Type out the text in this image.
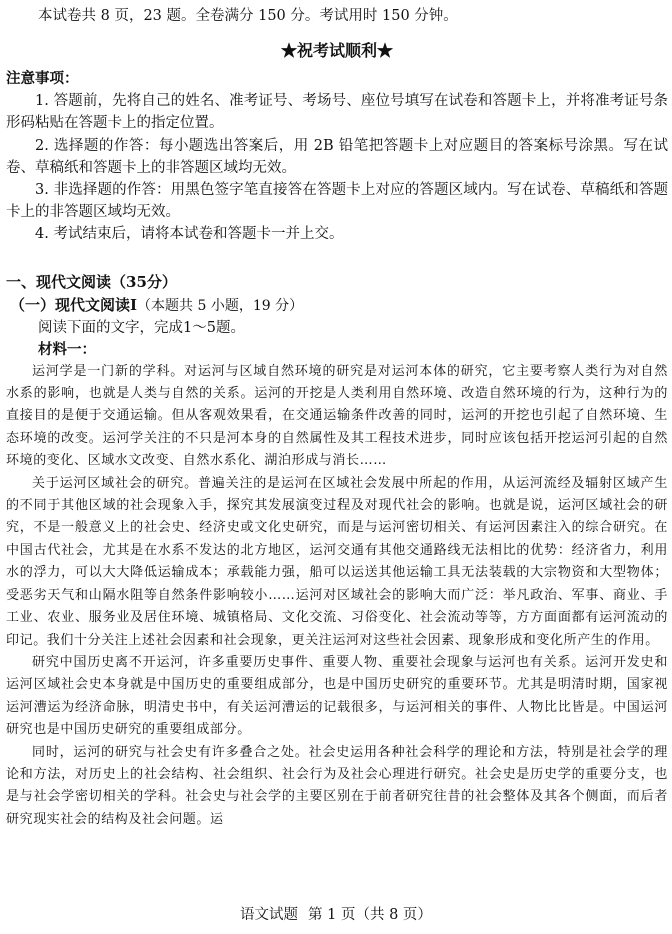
本试卷共 8 页，23 题。全卷满分 150 分。考试用时 150 分钟。

★祝考试顺利★

注意事项：

1. 答题前，先将自己的姓名、准考证号、考场号、座位号填写在试卷和答题卡上，并将准考证号条形码粘贴在答题卡上的指定位置。

2. 选择题的作答：每小题选出答案后，用 2B 铅笔把答题卡上对应题目的答案标号涂黑。写在试卷、草稿纸和答题卡上的非答题区域均无效。

3. 非选择题的作答：用黑色签字笔直接答在答题卡上对应的答题区域内。写在试卷、草稿纸和答题卡上的非答题区域均无效。

4. 考试结束后，请将本试卷和答题卡一并上交。

一、现代文阅读（35分）

（一）现代文阅读Ⅰ（本题共 5 小题，19 分）

阅读下面的文字，完成1～5题。

材料一：

运河学是一门新的学科。对运河与区域自然环境的研究是对运河本体的研究，它主要考察人类行为对自然水系的影响，也就是人类与自然的关系。运河的开挖是人类利用自然环境、改造自然环境的行为，这种行为的直接目的是便于交通运输。但从客观效果看，在交通运输条件改善的同时，运河的开挖也引起了自然环境、生态环境的改变。运河学关注的不只是河本身的自然属性及其工程技术进步，同时应该包括开挖运河引起的自然环境的变化、区域水文改变、自然水系化、湖泊形成与消长……

关于运河区域社会的研究。普遍关注的是运河在区域社会发展中所起的作用，从运河流经及辐射区域产生的不同于其他区域的社会现象入手，探究其发展演变过程及对现代社会的影响。也就是说，运河区域社会的研究，不是一般意义上的社会史、经济史或文化史研究，而是与运河密切相关、有运河因素注入的综合研究。在中国古代社会，尤其是在水系不发达的北方地区，运河交通有其他交通路线无法相比的优势：经济省力，利用水的浮力，可以大大降低运输成本；承载能力强，船可以运送其他运输工具无法装载的大宗物资和大型物体；受恶劣天气和山隔水阻等自然条件影响较小……运河对区域社会的影响大而广泛：举凡政治、军事、商业、手工业、农业、服务业及居住环境、城镇格局、文化交流、习俗变化、社会流动等等，方方面面都有运河流动的印记。我们十分关注上述社会因素和社会现象，更关注运河对这些社会因素、现象形成和变化所产生的作用。

研究中国历史离不开运河，许多重要历史事件、重要人物、重要社会现象与运河也有关系。运河开发史和运河区域社会史本身就是中国历史的重要组成部分，也是中国历史研究的重要环节。尤其是明清时期，国家视运河漕运为经济命脉，明清史书中，有关运河漕运的记载很多，与运河相关的事件、人物比比皆是。中国运河研究也是中国历史研究的重要组成部分。

同时，运河的研究与社会史有许多叠合之处。社会史运用各种社会科学的理论和方法，特别是社会学的理论和方法，对历史上的社会结构、社会组织、社会行为及社会心理进行研究。社会史是历史学的重要分支，也是与社会学密切相关的学科。社会史与社会学的主要区别在于前者研究往昔的社会整体及其各个侧面，而后者研究现实社会的结构及社会问题。运

语文试题 第 1 页（共 8 页）
